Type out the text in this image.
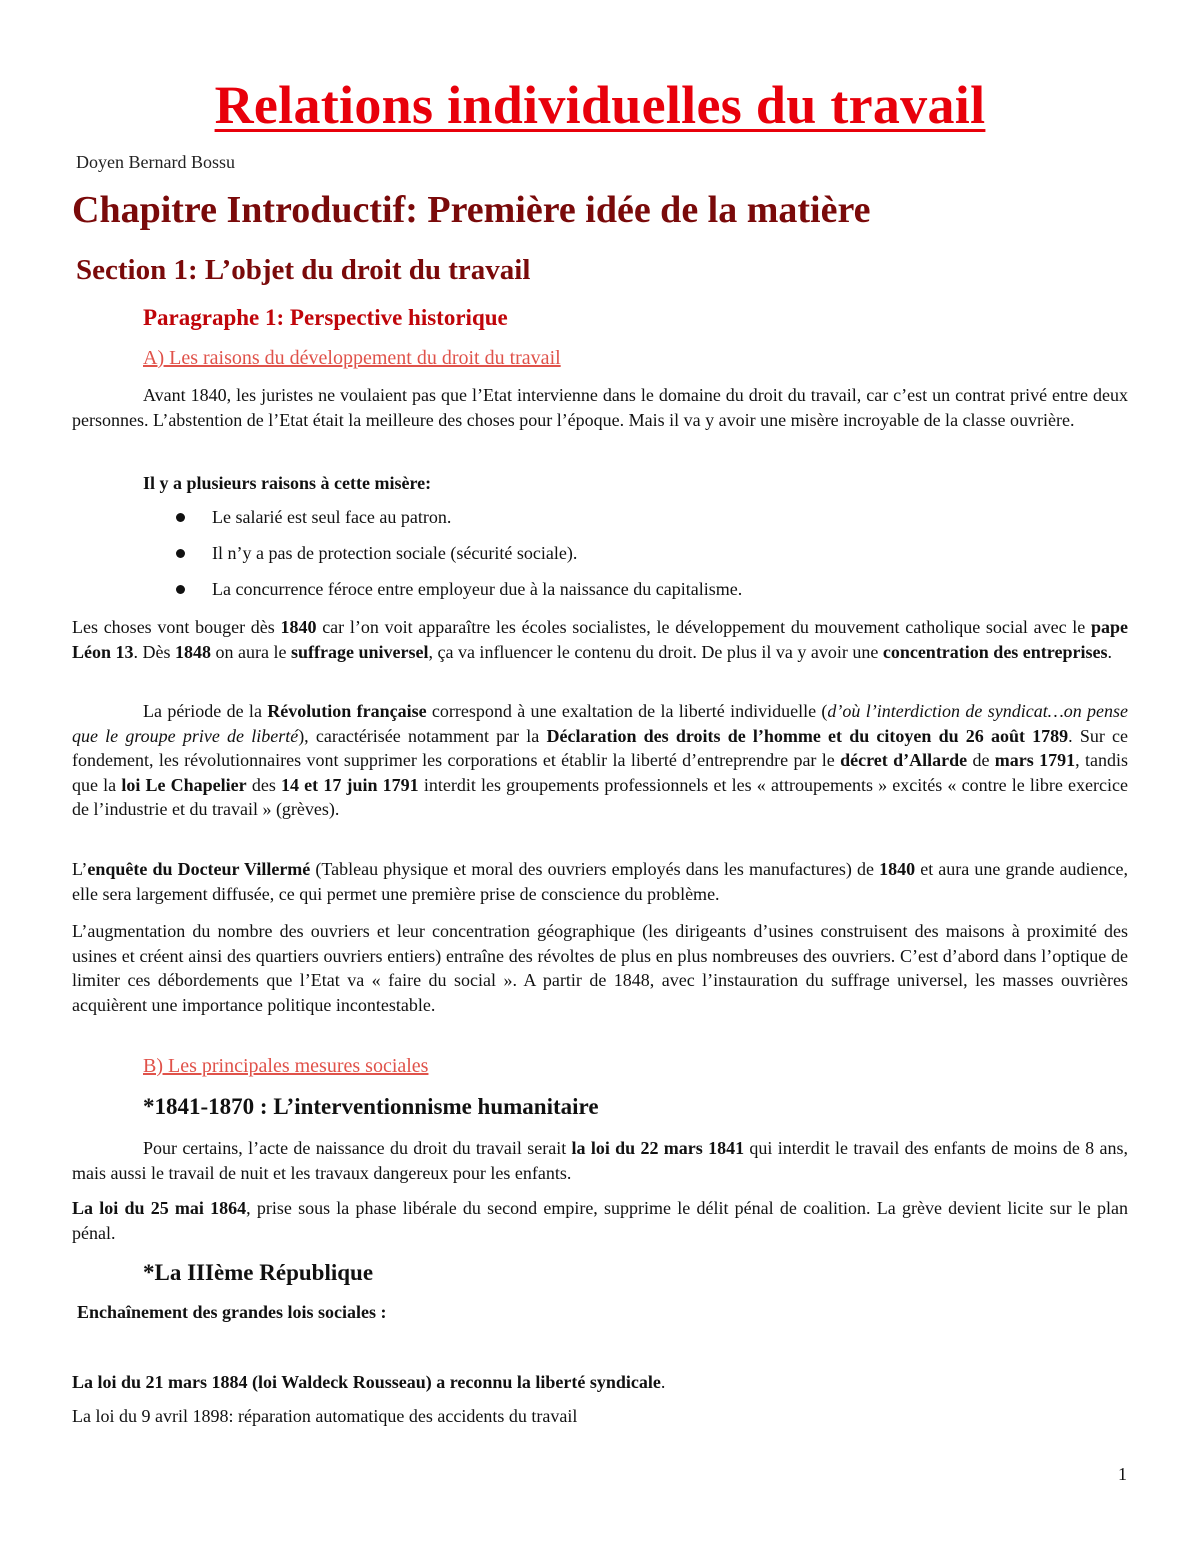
Relations individuelles du travail
Doyen Bernard Bossu
Chapitre Introductif: Première idée de la matière
Section 1: L’objet du droit du travail
Paragraphe 1: Perspective historique
A) Les raisons du développement du droit du travail

Avant 1840, les juristes ne voulaient pas que l’Etat intervienne dans le domaine du droit du travail, car c’est un contrat privé entre deux personnes. L’abstention de l’Etat était la meilleure des choses pour l’époque. Mais il va y avoir une misère incroyable de la classe ouvrière.

Il y a plusieurs raisons à cette misère:
Le salarié est seul face au patron.
Il n’y a pas de protection sociale (sécurité sociale).
La concurrence féroce entre employeur due à la naissance du capitalisme.

Les choses vont bouger dès 1840 car l’on voit apparaître les écoles socialistes, le développement du mouvement catholique social avec le pape Léon 13. Dès 1848 on aura le suffrage universel, ça va influencer le contenu du droit. De plus il va y avoir une concentration des entreprises.

La période de la Révolution française correspond à une exaltation de la liberté individuelle (d’où l’interdiction de syndicat…on pense que le groupe prive de liberté), caractérisée notamment par la Déclaration des droits de l’homme et du citoyen du 26 août 1789. Sur ce fondement, les révolutionnaires vont supprimer les corporations et établir la liberté d’entreprendre par le décret d’Allarde de mars 1791, tandis que la loi Le Chapelier des 14 et 17 juin 1791 interdit les groupements professionnels et les « attroupements » excités « contre le libre exercice de l’industrie et du travail » (grèves).

L’enquête du Docteur Villermé (Tableau physique et moral des ouvriers employés dans les manufactures) de 1840 et aura une grande audience, elle sera largement diffusée, ce qui permet une première prise de conscience du problème.

L’augmentation du nombre des ouvriers et leur concentration géographique (les dirigeants d’usines construisent des maisons à proximité des usines et créent ainsi des quartiers ouvriers entiers) entraîne des révoltes de plus en plus nombreuses des ouvriers. C’est d’abord dans l’optique de limiter ces débordements que l’Etat va « faire du social ». A partir de 1848, avec l’instauration du suffrage universel, les masses ouvrières acquièrent une importance politique incontestable.

B) Les principales mesures sociales
*1841-1870 : L’interventionnisme humanitaire

Pour certains, l’acte de naissance du droit du travail serait la loi du 22 mars 1841 qui interdit le travail des enfants de moins de 8 ans, mais aussi le travail de nuit et les travaux dangereux pour les enfants.

La loi du 25 mai 1864, prise sous la phase libérale du second empire, supprime le délit pénal de coalition. La grève devient licite sur le plan pénal.

*La IIIème République
Enchaînement des grandes lois sociales :
La loi du 21 mars 1884 (loi Waldeck Rousseau) a reconnu la liberté syndicale.
La loi du 9 avril 1898: réparation automatique des accidents du travail
1
